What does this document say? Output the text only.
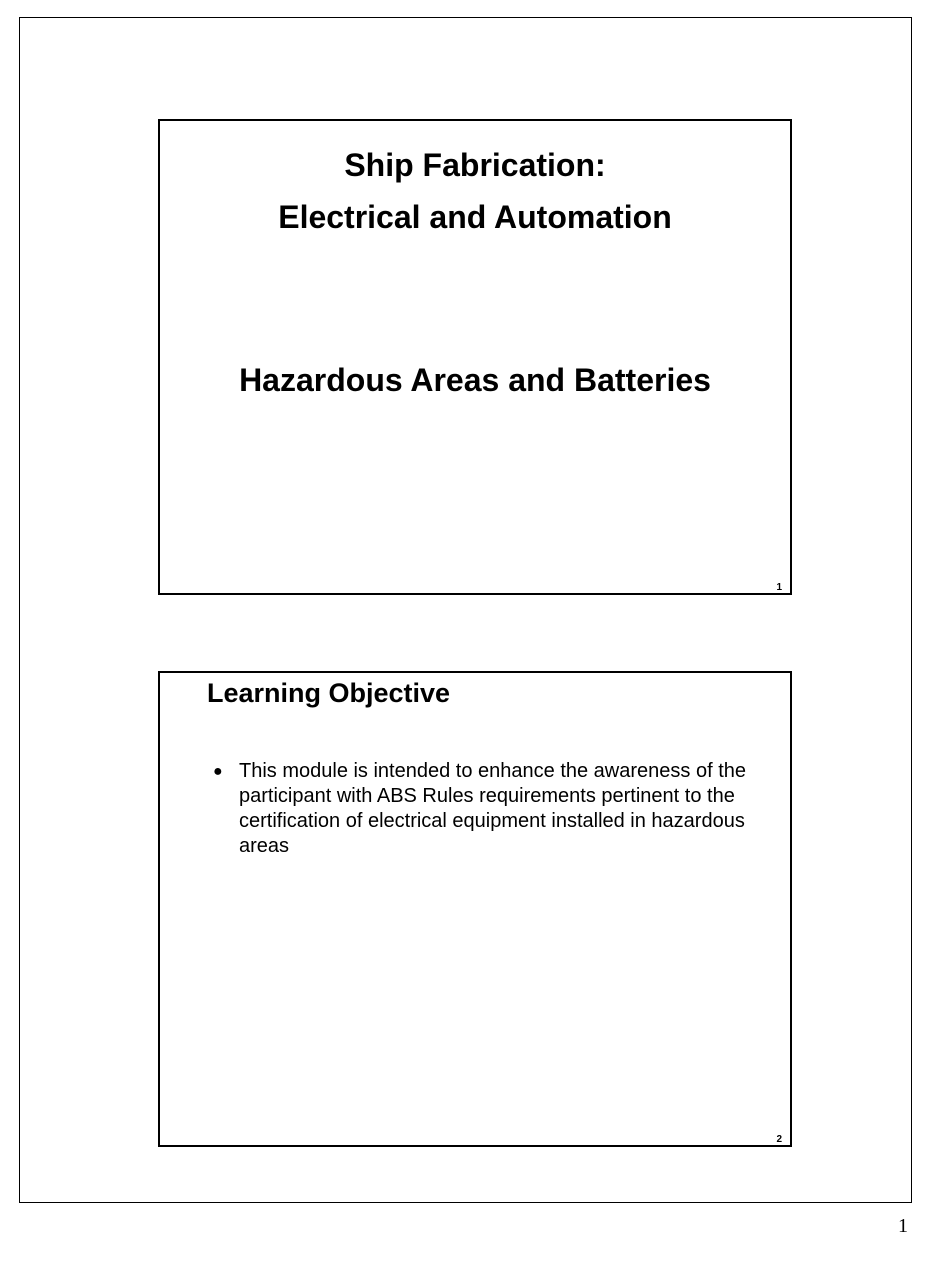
Ship Fabrication:
Electrical and Automation
Hazardous Areas and Batteries
1
Learning Objective
● This module is intended to enhance the awareness of the participant with ABS Rules requirements pertinent to the certification of electrical equipment installed in hazardous areas
2
1
